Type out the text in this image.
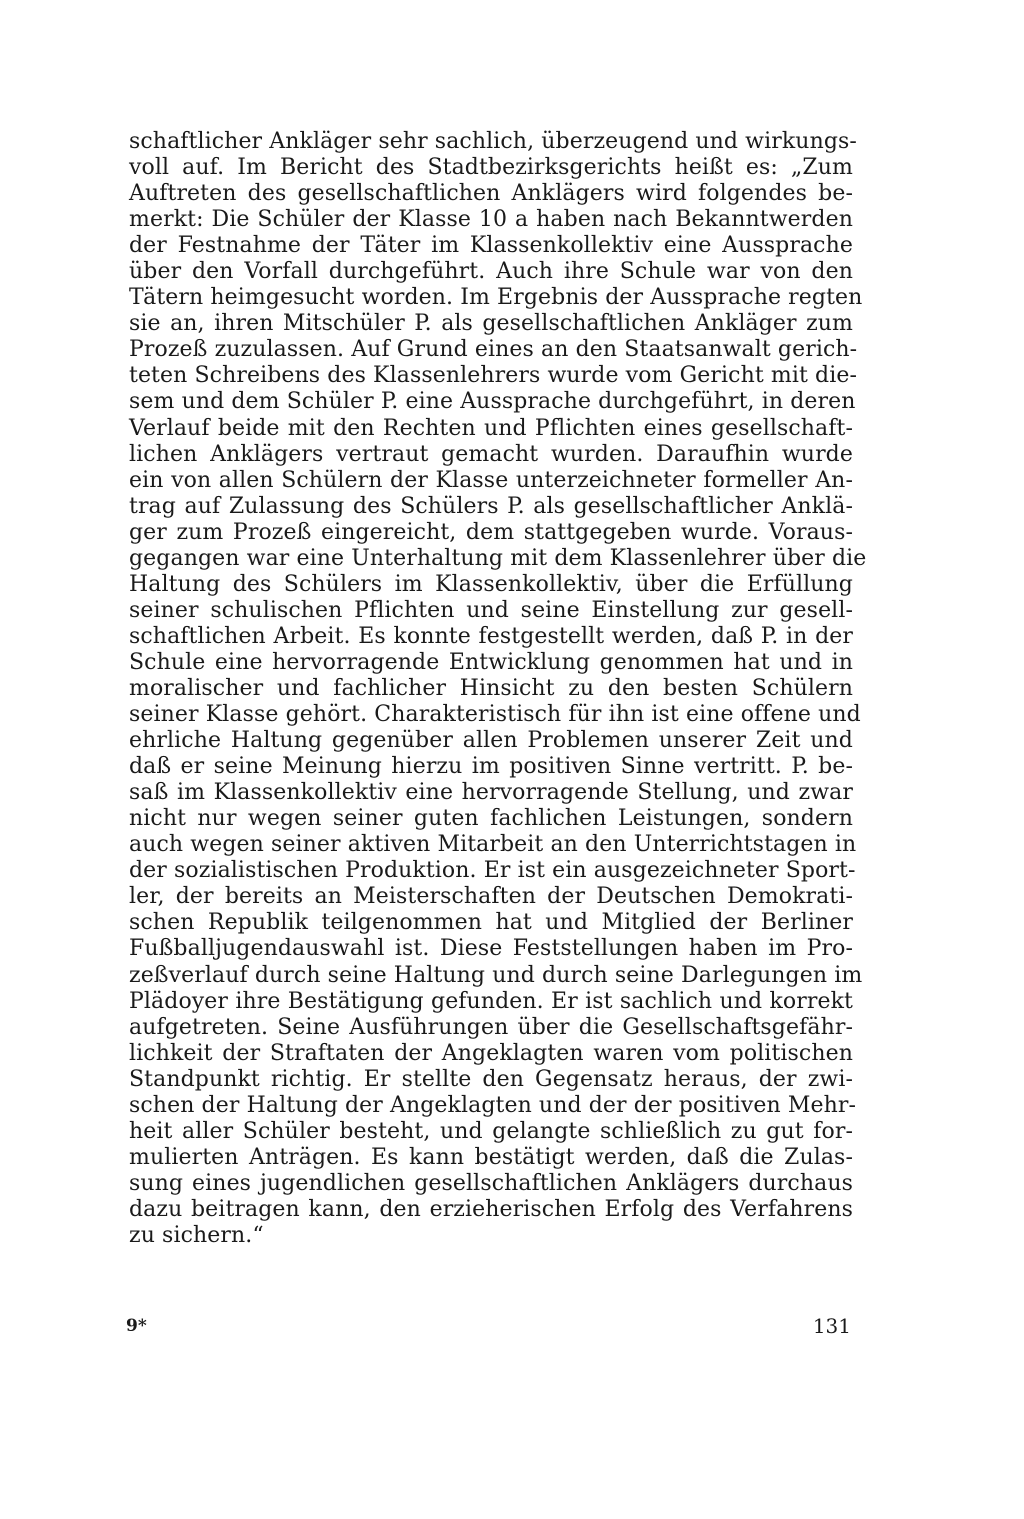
schaftlicher Ankläger sehr sachlich, überzeugend und wirkungs-
voll auf. Im Bericht des Stadtbezirksgerichts heißt es: „Zum
Auftreten des gesellschaftlichen Anklägers wird folgendes be-
merkt: Die Schüler der Klasse 10 a haben nach Bekanntwerden
der Festnahme der Täter im Klassenkollektiv eine Aussprache
über den Vorfall durchgeführt. Auch ihre Schule war von den
Tätern heimgesucht worden. Im Ergebnis der Aussprache regten
sie an, ihren Mitschüler P. als gesellschaftlichen Ankläger zum
Prozeß zuzulassen. Auf Grund eines an den Staatsanwalt gerich-
teten Schreibens des Klassenlehrers wurde vom Gericht mit die-
sem und dem Schüler P. eine Aussprache durchgeführt, in deren
Verlauf beide mit den Rechten und Pflichten eines gesellschaft-
lichen Anklägers vertraut gemacht wurden. Daraufhin wurde
ein von allen Schülern der Klasse unterzeichneter formeller An-
trag auf Zulassung des Schülers P. als gesellschaftlicher Anklä-
ger zum Prozeß eingereicht, dem stattgegeben wurde. Voraus-
gegangen war eine Unterhaltung mit dem Klassenlehrer über die
Haltung des Schülers im Klassenkollektiv, über die Erfüllung
seiner schulischen Pflichten und seine Einstellung zur gesell-
schaftlichen Arbeit. Es konnte festgestellt werden, daß P. in der
Schule eine hervorragende Entwicklung genommen hat und in
moralischer und fachlicher Hinsicht zu den besten Schülern
seiner Klasse gehört. Charakteristisch für ihn ist eine offene und
ehrliche Haltung gegenüber allen Problemen unserer Zeit und
daß er seine Meinung hierzu im positiven Sinne vertritt. P. be-
saß im Klassenkollektiv eine hervorragende Stellung, und zwar
nicht nur wegen seiner guten fachlichen Leistungen, sondern
auch wegen seiner aktiven Mitarbeit an den Unterrichtstagen in
der sozialistischen Produktion. Er ist ein ausgezeichneter Sport-
ler, der bereits an Meisterschaften der Deutschen Demokrati-
schen Republik teilgenommen hat und Mitglied der Berliner
Fußballjugendauswahl ist. Diese Feststellungen haben im Pro-
zeßverlauf durch seine Haltung und durch seine Darlegungen im
Plädoyer ihre Bestätigung gefunden. Er ist sachlich und korrekt
aufgetreten. Seine Ausführungen über die Gesellschaftsgefähr-
lichkeit der Straftaten der Angeklagten waren vom politischen
Standpunkt richtig. Er stellte den Gegensatz heraus, der zwi-
schen der Haltung der Angeklagten und der der positiven Mehr-
heit aller Schüler besteht, und gelangte schließlich zu gut for-
mulierten Anträgen. Es kann bestätigt werden, daß die Zulas-
sung eines jugendlichen gesellschaftlichen Anklägers durchaus
dazu beitragen kann, den erzieherischen Erfolg des Verfahrens
zu sichern.“
9*	131
